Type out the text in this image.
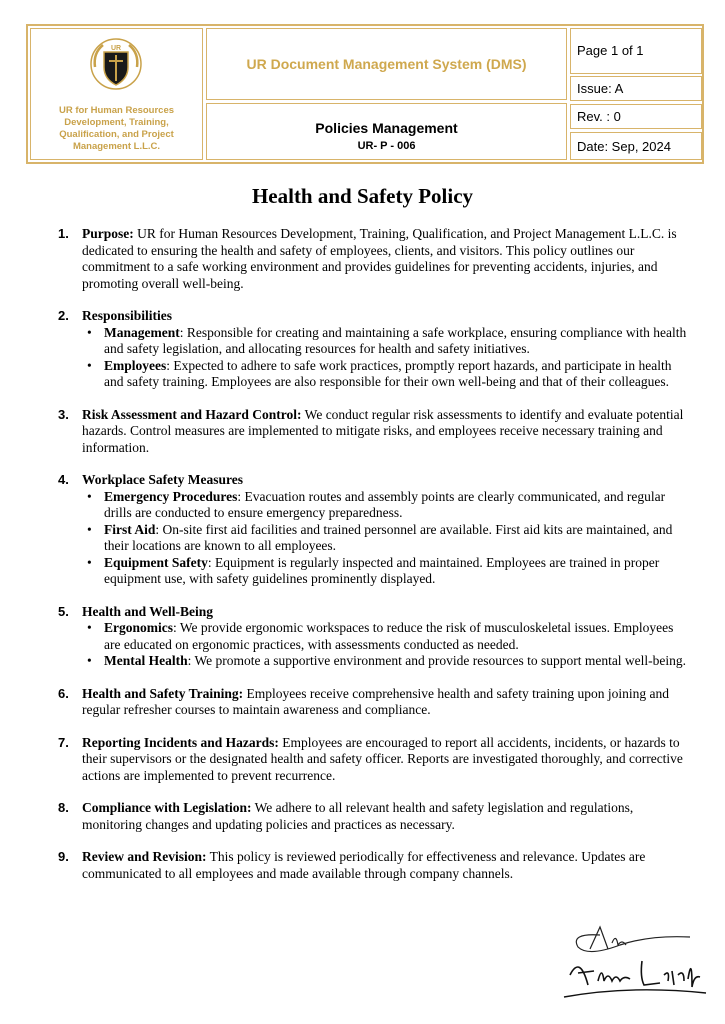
UR
UR for Human Resources Development, Training, Qualification, and Project Management L.L.C.
UR Document Management System (DMS)
Policies Management
UR- P - 006
Page 1 of 1
Issue: A
Rev. : 0
Date: Sep, 2024
Health and Safety Policy
1. Purpose: UR for Human Resources Development, Training, Qualification, and Project Management L.L.C. is dedicated to ensuring the health and safety of employees, clients, and visitors. This policy outlines our commitment to a safe working environment and provides guidelines for preventing accidents, injuries, and promoting overall well-being.
2. Responsibilities
• Management: Responsible for creating and maintaining a safe workplace, ensuring compliance with health and safety legislation, and allocating resources for health and safety initiatives.
• Employees: Expected to adhere to safe work practices, promptly report hazards, and participate in health and safety training. Employees are also responsible for their own well-being and that of their colleagues.
3. Risk Assessment and Hazard Control: We conduct regular risk assessments to identify and evaluate potential hazards. Control measures are implemented to mitigate risks, and employees receive necessary training and information.
4. Workplace Safety Measures
• Emergency Procedures: Evacuation routes and assembly points are clearly communicated, and regular drills are conducted to ensure emergency preparedness.
• First Aid: On-site first aid facilities and trained personnel are available. First aid kits are maintained, and their locations are known to all employees.
• Equipment Safety: Equipment is regularly inspected and maintained. Employees are trained in proper equipment use, with safety guidelines prominently displayed.
5. Health and Well-Being
• Ergonomics: We provide ergonomic workspaces to reduce the risk of musculoskeletal issues. Employees are educated on ergonomic practices, with assessments conducted as needed.
• Mental Health: We promote a supportive environment and provide resources to support mental well-being.
6. Health and Safety Training: Employees receive comprehensive health and safety training upon joining and regular refresher courses to maintain awareness and compliance.
7. Reporting Incidents and Hazards: Employees are encouraged to report all accidents, incidents, or hazards to their supervisors or the designated health and safety officer. Reports are investigated thoroughly, and corrective actions are implemented to prevent recurrence.
8. Compliance with Legislation: We adhere to all relevant health and safety legislation and regulations, monitoring changes and updating policies and practices as necessary.
9. Review and Revision: This policy is reviewed periodically for effectiveness and relevance. Updates are communicated to all employees and made available through company channels.
